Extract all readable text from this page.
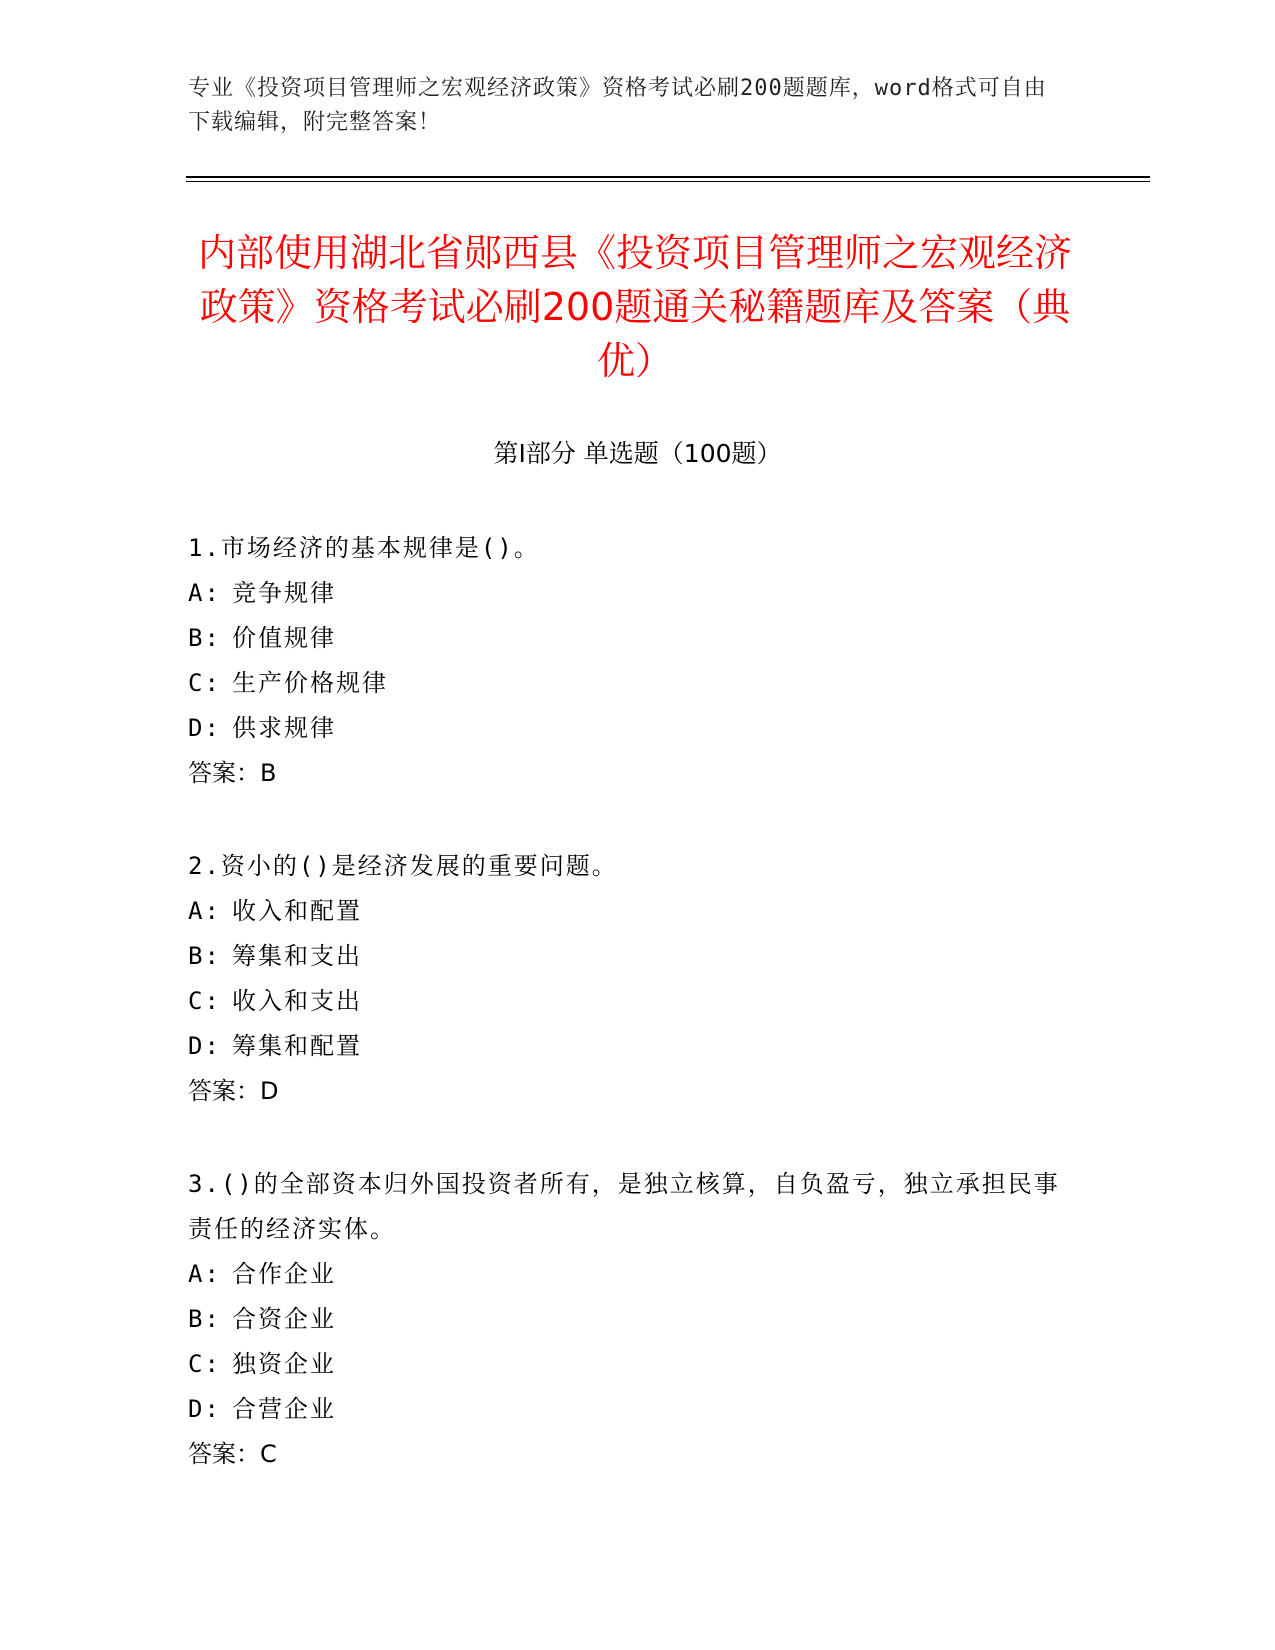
专业《投资项目管理师之宏观经济政策》资格考试必刷200题题库，word格式可自由下载编辑，附完整答案！
内部使用湖北省郧西县《投资项目管理师之宏观经济政策》资格考试必刷200题通关秘籍题库及答案（典优）
第Ⅰ部分 单选题（100题）

1.市场经济的基本规律是()。

A: 竞争规律

B: 价值规律

C: 生产价格规律

D: 供求规律

答案：B

2.资小的()是经济发展的重要问题。

A: 收入和配置

B: 筹集和支出

C: 收入和支出

D: 筹集和配置

答案：D

3.()的全部资本归外国投资者所有，是独立核算，自负盈亏，独立承担民事责任的经济实体。

A: 合作企业

B: 合资企业

C: 独资企业

D: 合营企业

答案：C
